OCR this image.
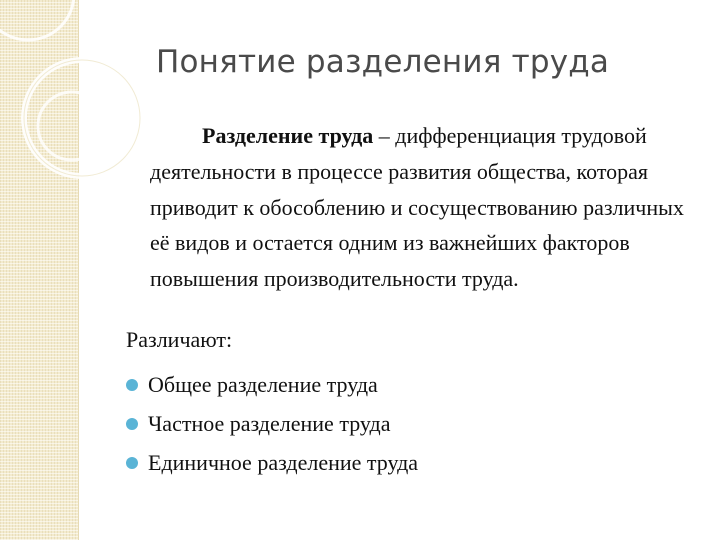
Понятие разделения труда

Разделение труда – дифференциация трудовой деятельности в процессе развития общества, которая приводит к обособлению и сосуществованию различных её видов и остается одним из важнейших факторов повышения производительности труда.

Различают:

Общее разделение труда
Частное разделение труда
Единичное разделение труда
